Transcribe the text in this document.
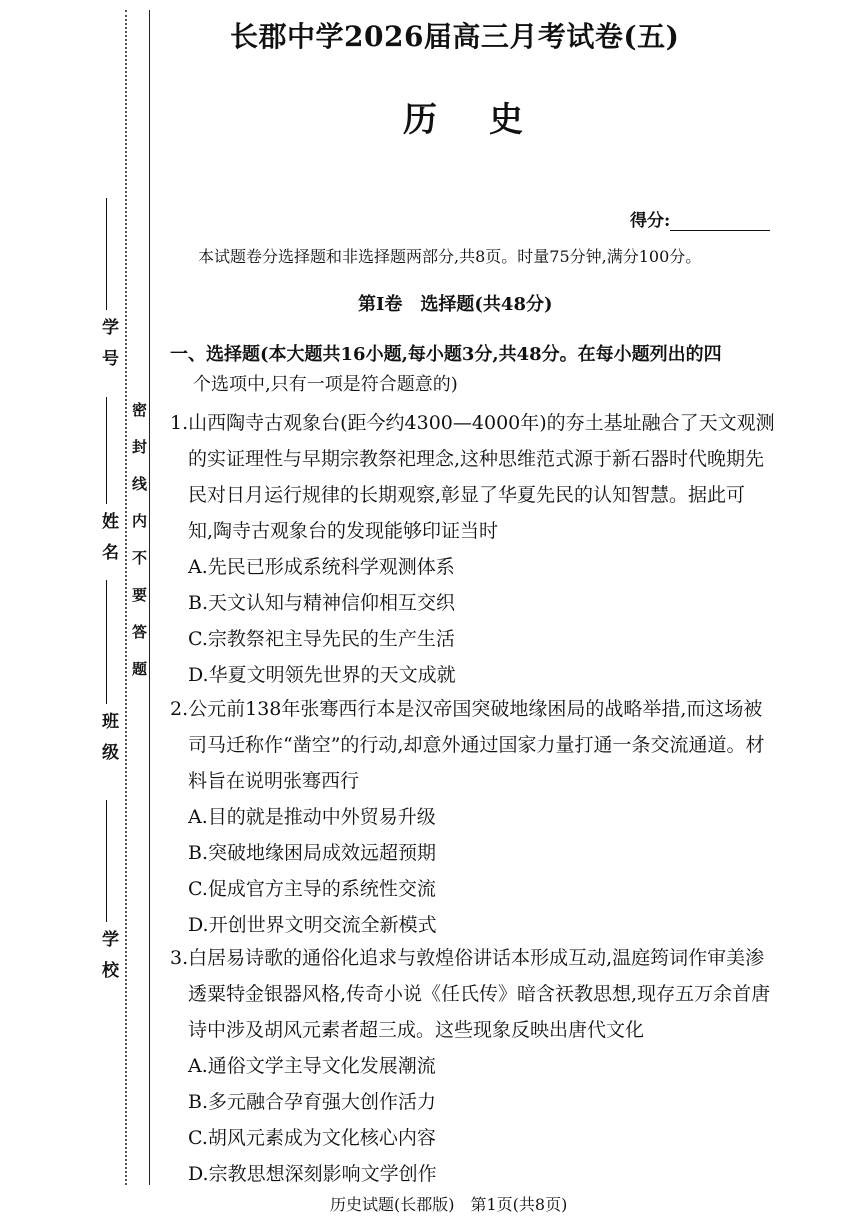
学号
姓名
班级
学校
密封线内不要答题
长郡中学2026届高三月考试卷(五)
历史
得分:
本试题卷分选择题和非选择题两部分,共8页。时量75分钟,满分100分。
第Ⅰ卷　选择题(共48分)
一、选择题(本大题共16小题,每小题3分,共48分。在每小题列出的四
个选项中,只有一项是符合题意的)
1.山西陶寺古观象台(距今约4300—4000年)的夯土基址融合了天文观测
的实证理性与早期宗教祭祀理念,这种思维范式源于新石器时代晚期先
民对日月运行规律的长期观察,彰显了华夏先民的认知智慧。据此可
知,陶寺古观象台的发现能够印证当时
A.先民已形成系统科学观测体系
B.天文认知与精神信仰相互交织
C.宗教祭祀主导先民的生产生活
D.华夏文明领先世界的天文成就
2.公元前138年张骞西行本是汉帝国突破地缘困局的战略举措,而这场被
司马迁称作“凿空”的行动,却意外通过国家力量打通一条交流通道。材
料旨在说明张骞西行
A.目的就是推动中外贸易升级
B.突破地缘困局成效远超预期
C.促成官方主导的系统性交流
D.开创世界文明交流全新模式
3.白居易诗歌的通俗化追求与敦煌俗讲话本形成互动,温庭筠词作审美渗
透粟特金银器风格,传奇小说《任氏传》暗含祆教思想,现存五万余首唐
诗中涉及胡风元素者超三成。这些现象反映出唐代文化
A.通俗文学主导文化发展潮流
B.多元融合孕育强大创作活力
C.胡风元素成为文化核心内容
D.宗教思想深刻影响文学创作
历史试题(长郡版)　第1页(共8页)
